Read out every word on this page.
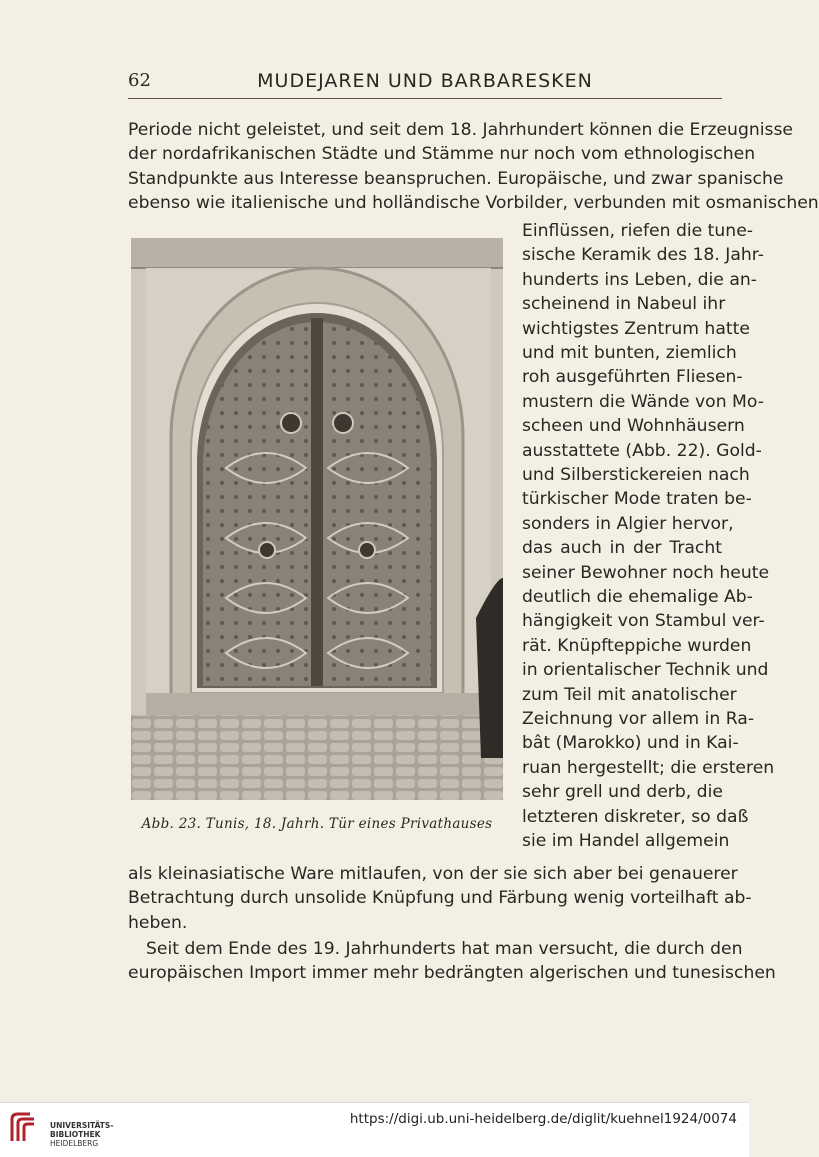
62	MUDEJAREN UND BARBARESKEN
Periode nicht geleistet, und seit dem 18. Jahrhundert können die Erzeugnisse
der nordafrikanischen Städte und Stämme nur noch vom ethnologischen
Standpunkte aus Interesse beanspruchen. Europäische, und zwar spanische
ebenso wie italienische und holländische Vorbilder, verbunden mit osmanischen
Einflüssen, riefen die tune-
sische Keramik des 18. Jahr-
hunderts ins Leben, die an-
scheinend in Nabeul ihr
wichtigstes Zentrum hatte
und mit bunten, ziemlich
roh ausgeführten Fliesen-
mustern die Wände von Mo-
scheen und Wohnhäusern
ausstattete (Abb. 22). Gold-
und Silberstickereien nach
türkischer Mode traten be-
sonders in Algier hervor,
das auch in der Tracht
seiner Bewohner noch heute
deutlich die ehemalige Ab-
hängigkeit von Stambul ver-
rät. Knüpfteppiche wurden
in orientalischer Technik und
zum Teil mit anatolischer
Zeichnung vor allem in Ra-
bât (Marokko) und in Kai-
ruan hergestellt; die ersteren
sehr grell und derb, die
letzteren diskreter, so daß
sie im Handel allgemein
Abb. 23. Tunis, 18. Jahrh. Tür eines Privathauses
als kleinasiatische Ware mitlaufen, von der sie sich aber bei genauerer
Betrachtung durch unsolide Knüpfung und Färbung wenig vorteilhaft ab-
heben.
Seit dem Ende des 19. Jahrhunderts hat man versucht, die durch den
europäischen Import immer mehr bedrängten algerischen und tunesischen
UNIVERSITÄTS-
BIBLIOTHEK
HEIDELBERG
https://digi.ub.uni-heidelberg.de/diglit/kuehnel1924/0074
